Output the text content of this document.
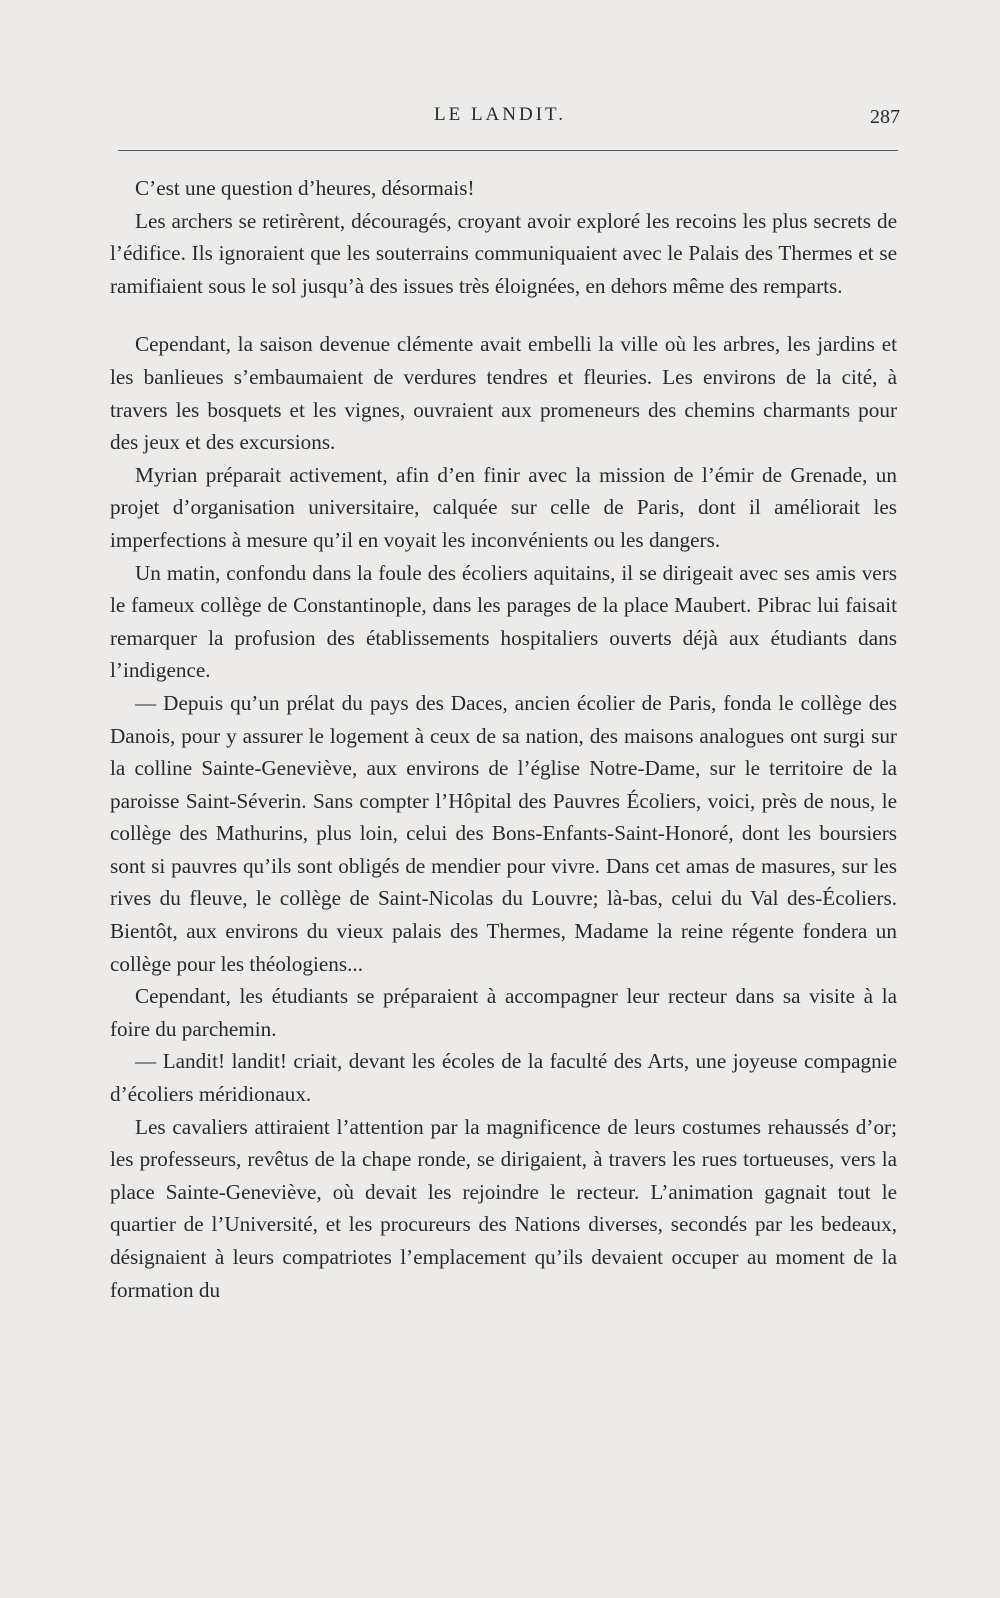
LE LANDIT.	287

C’est une question d’heures, désormais!

Les archers se retirèrent, découragés, croyant avoir exploré les recoins les plus secrets de l’édifice. Ils ignoraient que les souterrains communiquaient avec le Palais des Thermes et se ramifiaient sous le sol jusqu’à des issues très éloignées, en dehors même des remparts.

Cependant, la saison devenue clémente avait embelli la ville où les arbres, les jardins et les banlieues s’embaumaient de verdures tendres et fleuries. Les environs de la cité, à travers les bosquets et les vignes, ouvraient aux promeneurs des chemins charmants pour des jeux et des excursions.

Myrian préparait activement, afin d’en finir avec la mission de l’émir de Grenade, un projet d’organisation universitaire, calquée sur celle de Paris, dont il améliorait les imperfections à mesure qu’il en voyait les inconvénients ou les dangers.

Un matin, confondu dans la foule des écoliers aquitains, il se dirigeait avec ses amis vers le fameux collège de Constantinople, dans les parages de la place Maubert. Pibrac lui faisait remarquer la profusion des établissements hospitaliers ouverts déjà aux étudiants dans l’indigence.

— Depuis qu’un prélat du pays des Daces, ancien écolier de Paris, fonda le collège des Danois, pour y assurer le logement à ceux de sa nation, des maisons analogues ont surgi sur la colline Sainte-Geneviève, aux environs de l’église Notre-Dame, sur le territoire de la paroisse Saint-Séverin. Sans compter l’Hôpital des Pauvres Écoliers, voici, près de nous, le collège des Mathurins, plus loin, celui des Bons-Enfants-Saint-Honoré, dont les boursiers sont si pauvres qu’ils sont obligés de mendier pour vivre. Dans cet amas de masures, sur les rives du fleuve, le collège de Saint-Nicolas du Louvre; là-bas, celui du Val des-Écoliers. Bientôt, aux environs du vieux palais des Thermes, Madame la reine régente fondera un collège pour les théologiens...

Cependant, les étudiants se préparaient à accompagner leur recteur dans sa visite à la foire du parchemin.

— Landit! landit! criait, devant les écoles de la faculté des Arts, une joyeuse compagnie d’écoliers méridionaux.

Les cavaliers attiraient l’attention par la magnificence de leurs costumes rehaussés d’or; les professeurs, revêtus de la chape ronde, se dirigaient, à travers les rues tortueuses, vers la place Sainte-Geneviève, où devait les rejoindre le recteur. L’animation gagnait tout le quartier de l’Université, et les procureurs des Nations diverses, secondés par les bedeaux, désignaient à leurs compatriotes l’emplacement qu’ils devaient occuper au moment de la formation du
